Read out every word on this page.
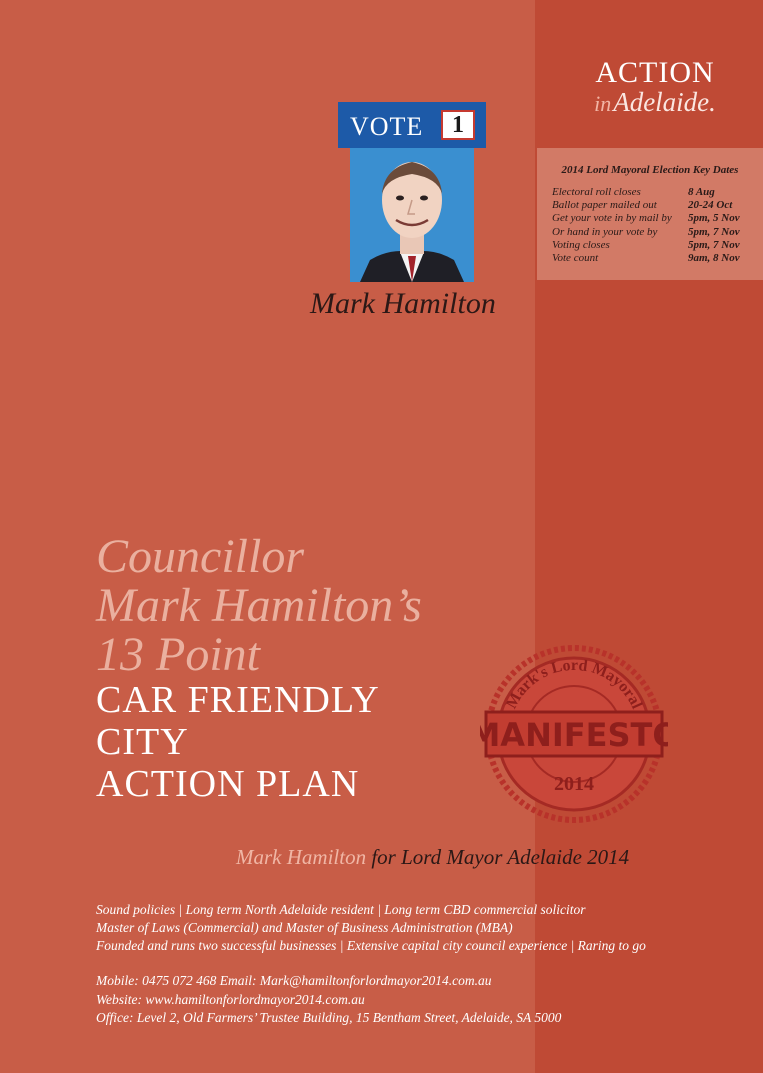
ACTION
inAdelaide.
2014 Lord Mayoral Election Key Dates
Electoral roll closes	8 Aug
Ballot paper mailed out	20-24 Oct
Get your vote in by mail by	5pm, 5 Nov
Or hand in your vote by	5pm, 7 Nov
Voting closes	5pm, 7 Nov
Vote count	9am, 8 Nov
VOTE	1
Mark Hamilton
Councillor
Mark Hamilton’s
13 Point
CAR FRIENDLY
CITY
ACTION PLAN
Mark's Lord Mayoral
MANIFESTO
2014
Mark Hamilton for Lord Mayor Adelaide 2014
Sound policies | Long term North Adelaide resident | Long term CBD commercial solicitor
Master of Laws (Commercial) and Master of Business Administration (MBA)
Founded and runs two successful businesses | Extensive capital city council experience | Raring to go
Mobile: 0475 072 468 Email: Mark@hamiltonforlordmayor2014.com.au
Website: www.hamiltonforlordmayor2014.com.au
Office: Level 2, Old Farmers’ Trustee Building, 15 Bentham Street, Adelaide, SA 5000
